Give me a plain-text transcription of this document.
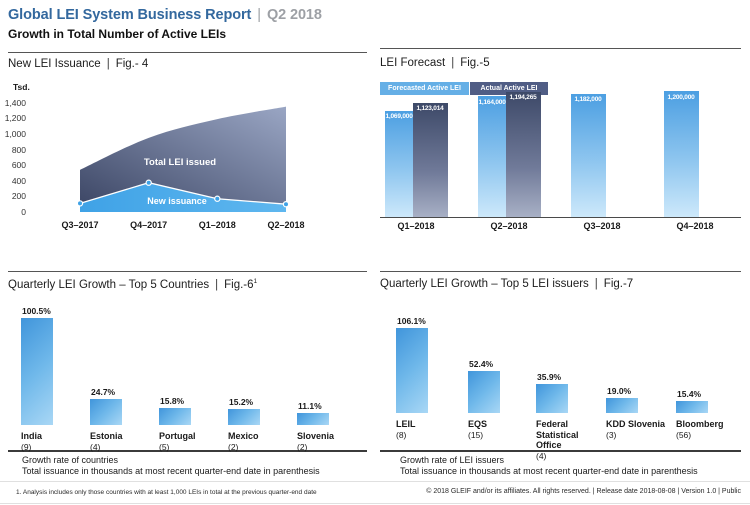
Global LEI System Business Report | Q2 2018
Growth in Total Number of Active LEIs
New LEI Issuance | Fig.- 4
Tsd.
1,400
1,200
1,000
800
600
400
200
0
Total LEI issued
New issuance
Q3–2017	Q4–2017	Q1–2018	Q2–2018
LEI Forecast | Fig.-5
Forecasted Active LEI	Actual Active LEI
1,069,000
1,123,014
1,164,000
1,194,265	1,182,000	1,200,000
Q1–2018	Q2–2018	Q3–2018	Q4–2018
Quarterly LEI Growth – Top 5 Countries | $Fig.-6^1$
100.5%
India
(9)
24.7%
Estonia
(4)
15.8%
Portugal
(5)
15.2%
Mexico
(2)
11.1%
Slovenia
(2)
Growth rate of countries
Total issuance in thousands at most recent quarter-end date in parenthesis
Quarterly LEI Growth – Top 5 LEI issuers | Fig.-7
106.1%
LEIL
(8)
52.4%
EQS
(15)
35.9%
Federal Statistical Office
(4)
19.0%
KDD Slovenia
(3)
15.4%
Bloomberg
(56)
Growth rate of LEI issuers
Total issuance in thousands at most recent quarter-end date in parenthesis
1. Analysis includes only those countries with at least 1,000 LEIs in total at the previous quarter-end date	© 2018 GLEIF and/or its affiliates. All rights reserved. | Release date 2018-08-08 | Version 1.0 | Public
